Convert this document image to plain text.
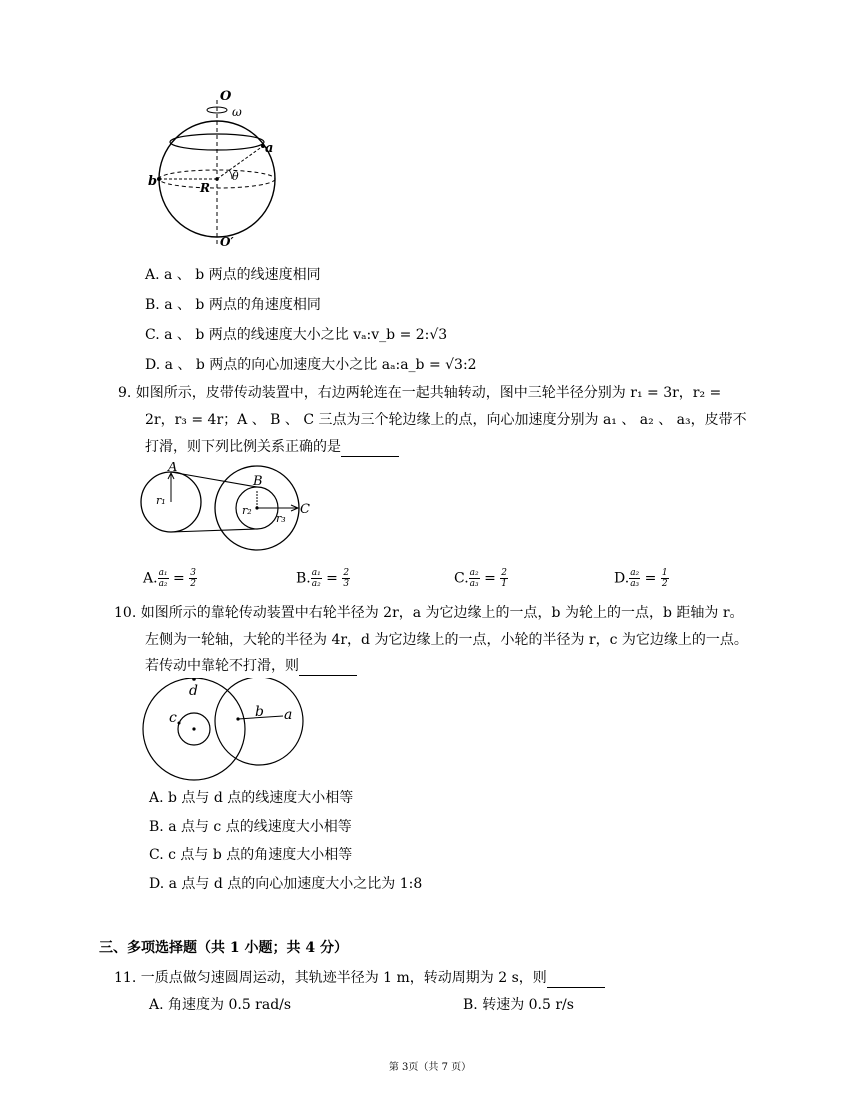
O
ω
a
b	R
θ
O′
A. a 、 b 两点的线速度相同
B. a 、 b 两点的角速度相同
C. a 、 b 两点的线速度大小之比 vₐ:v_b = 2:√3
D. a 、 b 两点的向心加速度大小之比 aₐ:a_b = √3:2
9. 如图所示，皮带传动装置中，右边两轮连在一起共轴转动，图中三轮半径分别为 r₁ = 3r，r₂ =
2r，r₃ = 4r；A 、 B 、 C 三点为三个轮边缘上的点，向心加速度分别为 a₁ 、 a₂ 、 a₃，皮带不
打滑，则下列比例关系正确的是
A
B
C
r₁
r₂
r₃
A. $\frac{\text{a₁}}{\text{a₂}} = \frac{3}{2}$	B. $\frac{\text{a₁}}{\text{a₂}} = \frac{2}{3}$	C. $\frac{\text{a₂}}{\text{a₃}} = \frac{2}{1}$	D. $\frac{\text{a₂}}{\text{a₃}} = \frac{1}{2}$
10. 如图所示的靠轮传动装置中右轮半径为 2r，a 为它边缘上的一点，b 为轮上的一点，b 距轴为 r。
左侧为一轮轴，大轮的半径为 4r，d 为它边缘上的一点，小轮的半径为 r，c 为它边缘上的一点。
若传动中靠轮不打滑，则
d
c	b a
A. b 点与 d 点的线速度大小相等
B. a 点与 c 点的线速度大小相等
C. c 点与 b 点的角速度大小相等
D. a 点与 d 点的向心加速度大小之比为 1:8
三、多项选择题（共 1 小题；共 4 分）
11. 一质点做匀速圆周运动，其轨迹半径为 1 m，转动周期为 2 s，则
A. 角速度为 0.5 rad/s	B. 转速为 0.5 r/s
第 3页（共 7 页）
